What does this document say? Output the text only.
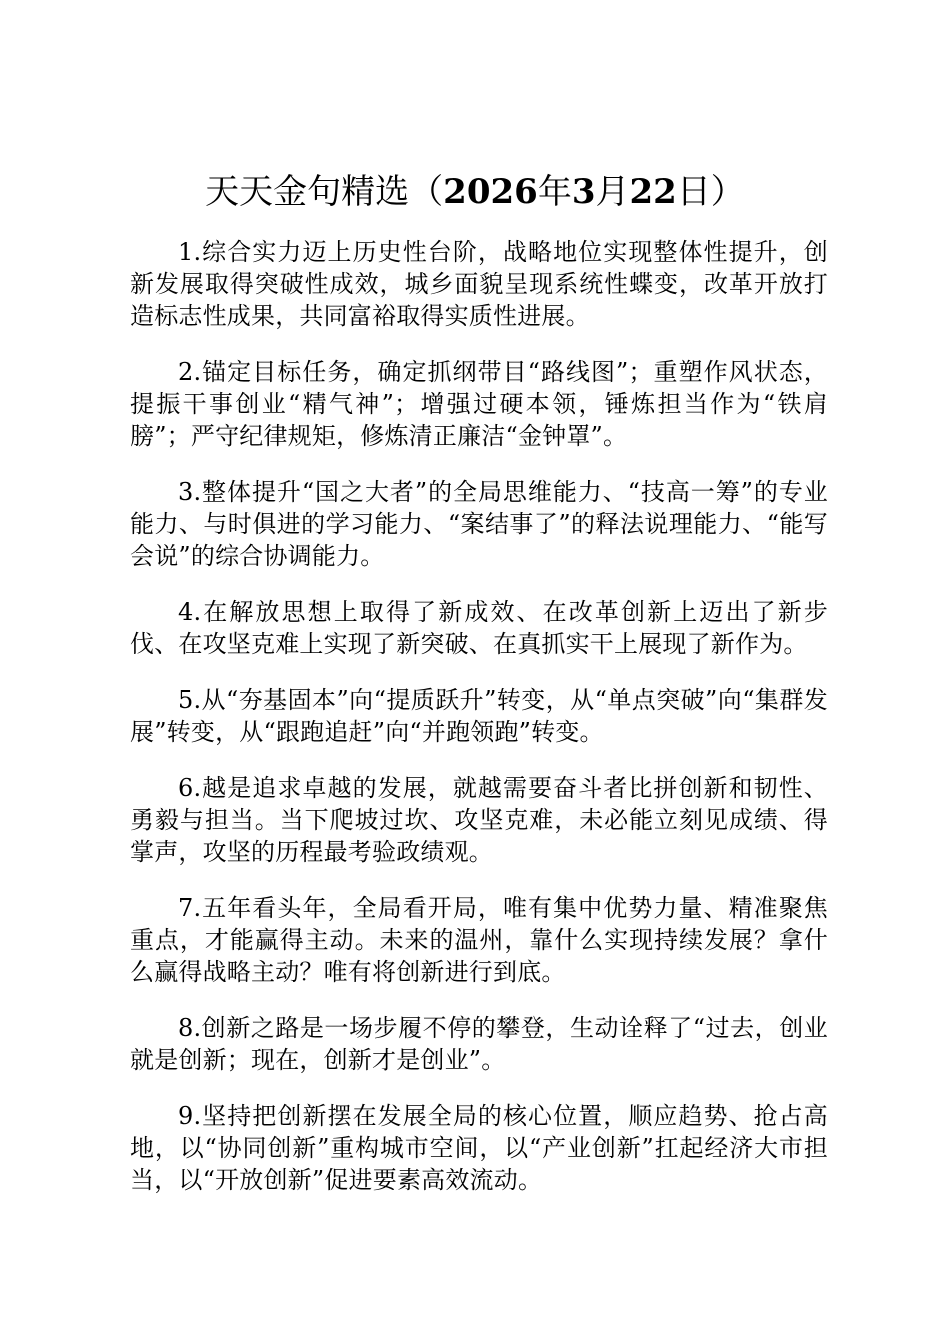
天天金句精选（2026年3月22日）

1.综合实力迈上历史性台阶，战略地位实现整体性提升，创新发展取得突破性成效，城乡面貌呈现系统性蝶变，改革开放打造标志性成果，共同富裕取得实质性进展。

2.锚定目标任务，确定抓纲带目“路线图”；重塑作风状态，提振干事创业“精气神”；增强过硬本领，锤炼担当作为“铁肩膀”；严守纪律规矩，修炼清正廉洁“金钟罩”。

3.整体提升“国之大者”的全局思维能力、“技高一筹”的专业能力、与时俱进的学习能力、“案结事了”的释法说理能力、“能写会说”的综合协调能力。

4.在解放思想上取得了新成效、在改革创新上迈出了新步伐、在攻坚克难上实现了新突破、在真抓实干上展现了新作为。

5.从“夯基固本”向“提质跃升”转变，从“单点突破”向“集群发展”转变，从“跟跑追赶”向“并跑领跑”转变。

6.越是追求卓越的发展，就越需要奋斗者比拼创新和韧性、勇毅与担当。当下爬坡过坎、攻坚克难，未必能立刻见成绩、得掌声，攻坚的历程最考验政绩观。

7.五年看头年，全局看开局，唯有集中优势力量、精准聚焦重点，才能赢得主动。未来的温州，靠什么实现持续发展？拿什么赢得战略主动？唯有将创新进行到底。

8.创新之路是一场步履不停的攀登，生动诠释了“过去，创业就是创新；现在，创新才是创业”。

9.坚持把创新摆在发展全局的核心位置，顺应趋势、抢占高地，以“协同创新”重构城市空间，以“产业创新”扛起经济大市担当，以“开放创新”促进要素高效流动。
